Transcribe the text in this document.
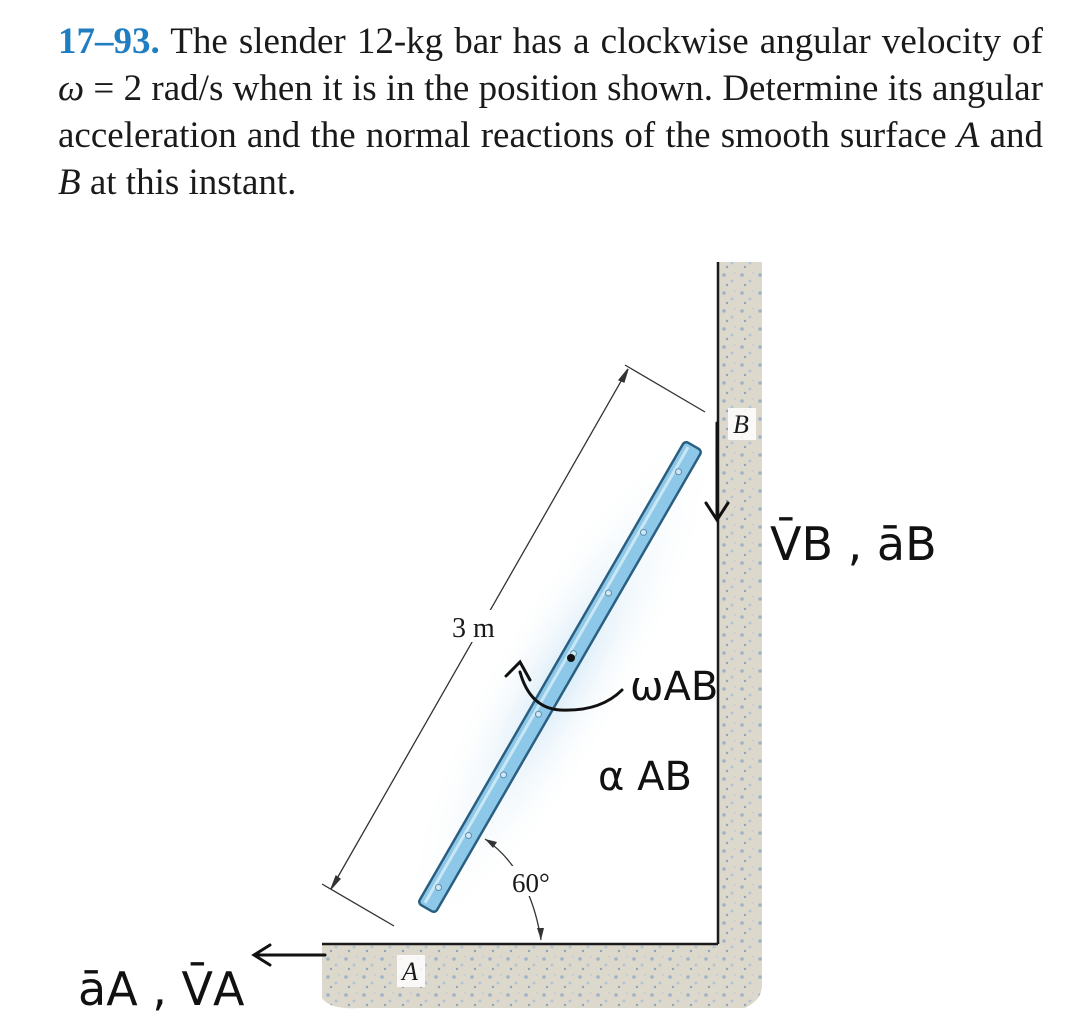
17–93. The slender 12-kg bar has a clockwise angular velocity of ω = 2 rad/s when it is in the position shown. Determine its angular acceleration and the normal reactions of the smooth surface A and B at this instant.
3 m
60°
B
A
V̄B , āB
ωAB
α AB
āA , V̄A
